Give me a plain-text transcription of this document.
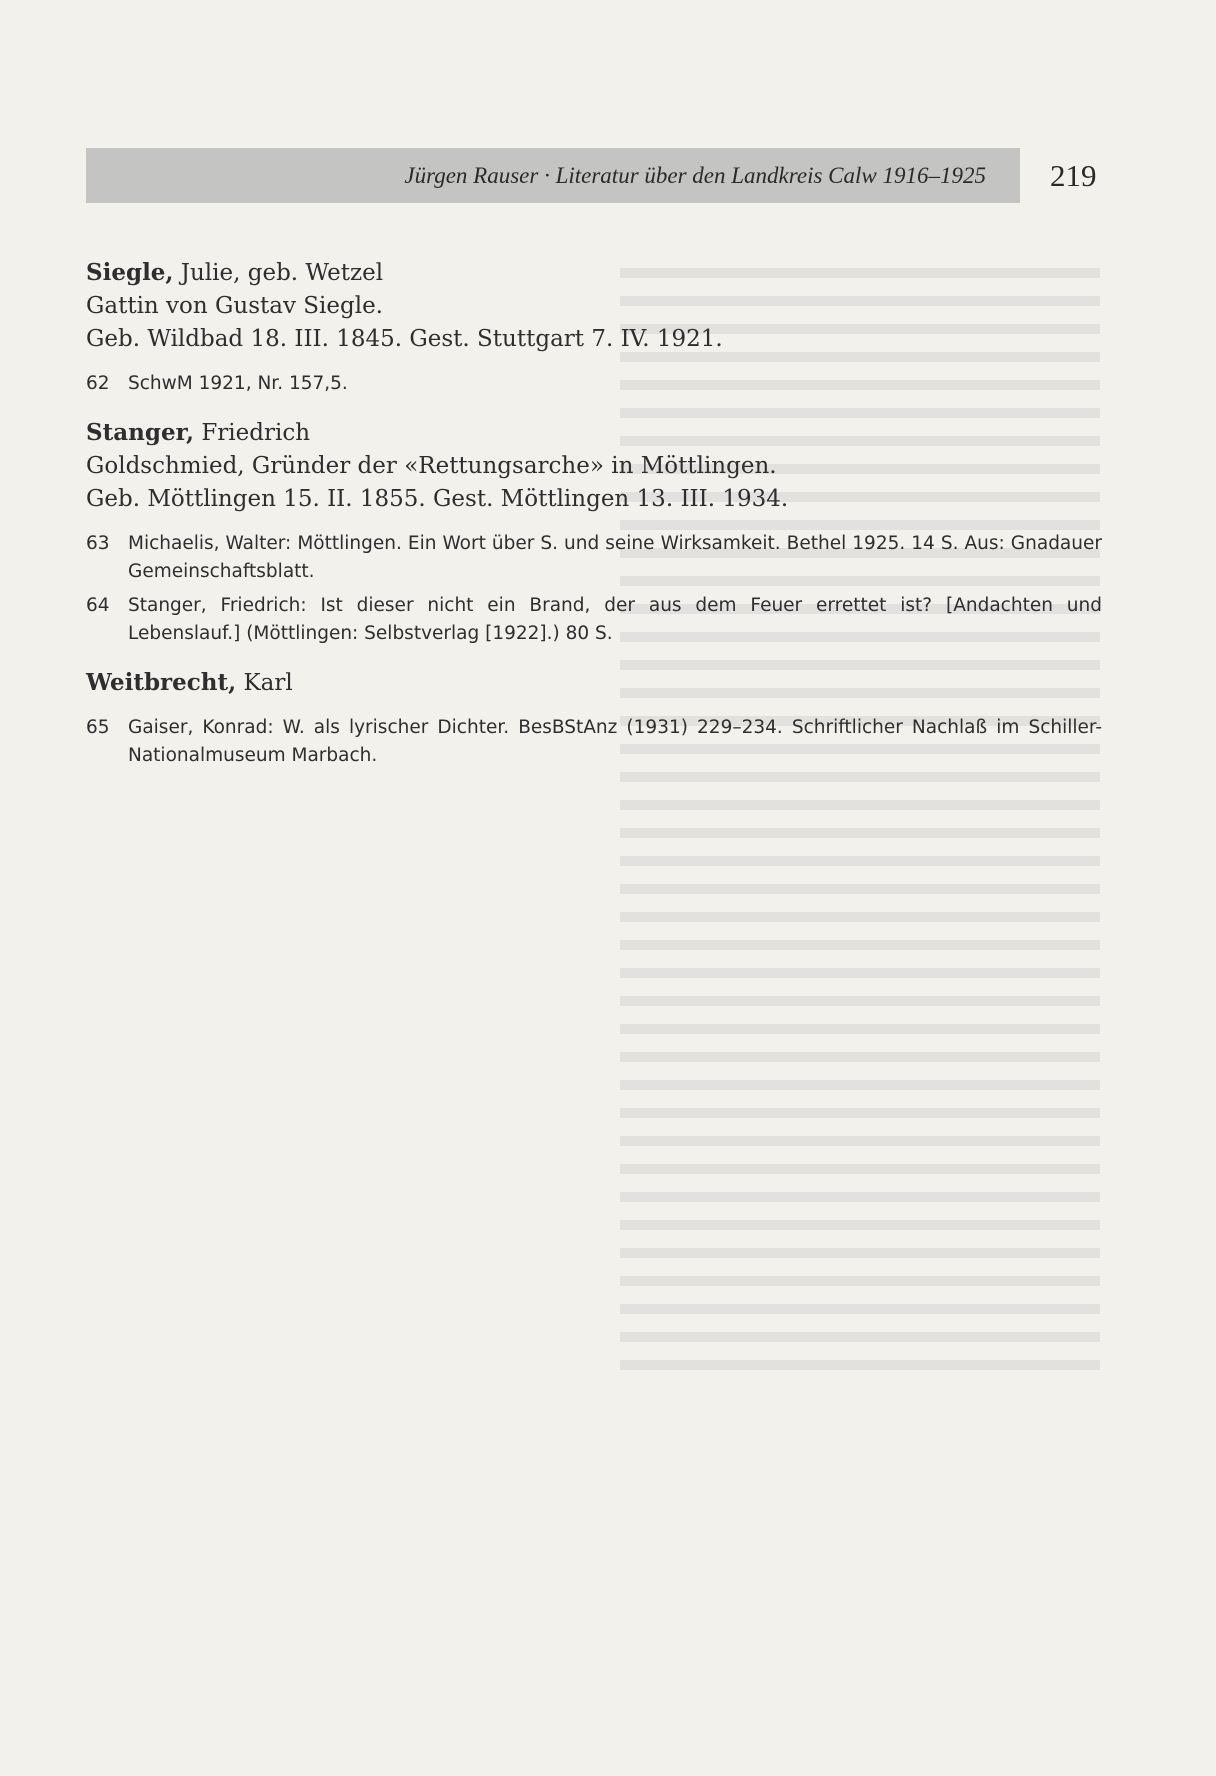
Jürgen Rauser · Literatur über den Landkreis Calw 1916–1925 219
Siegle, Julie, geb. Wetzel
Gattin von Gustav Siegle.
Geb. Wildbad 18. III. 1845. Gest. Stuttgart 7. IV. 1921.
62 SchwM 1921, Nr. 157,5.
Stanger, Friedrich
Goldschmied, Gründer der «Rettungsarche» in Möttlingen.
Geb. Möttlingen 15. II. 1855. Gest. Möttlingen 13. III. 1934.
63 Michaelis, Walter: Möttlingen. Ein Wort über S. und seine Wirksamkeit. Bethel 1925. 14 S. Aus: Gnadauer Gemeinschaftsblatt.
64 Stanger, Friedrich: Ist dieser nicht ein Brand, der aus dem Feuer errettet ist? [Andachten und Lebenslauf.] (Möttlingen: Selbstverlag [1922].) 80 S.
Weitbrecht, Karl
65 Gaiser, Konrad: W. als lyrischer Dichter. BesBStAnz (1931) 229–234. Schriftlicher Nachlaß im Schiller-Nationalmuseum Marbach.
